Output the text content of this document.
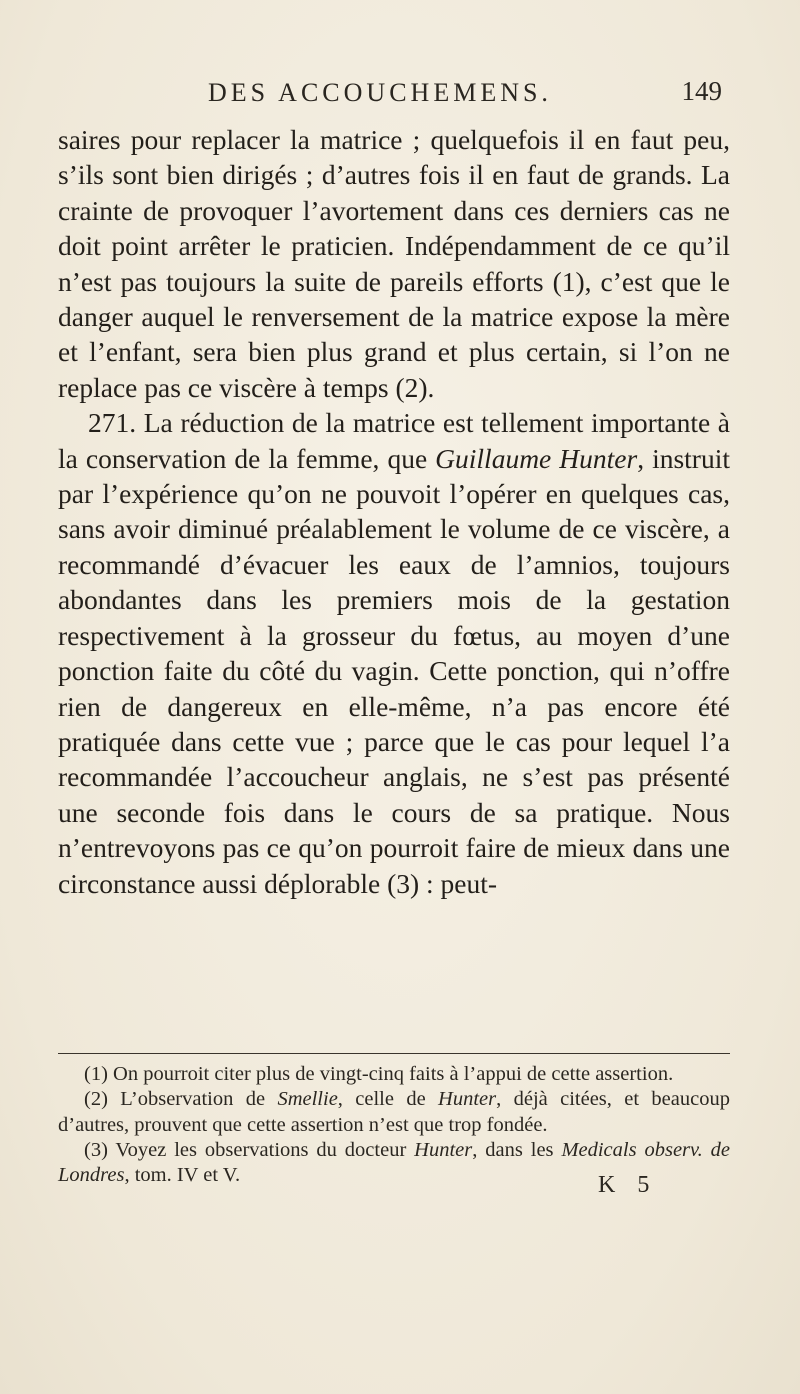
DES ACCOUCHEMENS.	149

saires pour replacer la matrice ; quelquefois il en faut peu, s’ils sont bien dirigés ; d’autres fois il en faut de grands. La crainte de provoquer l’avortement dans ces derniers cas ne doit point arrêter le praticien. Indépendamment de ce qu’il n’est pas toujours la suite de pareils efforts (1), c’est que le danger auquel le renversement de la matrice expose la mère et l’enfant, sera bien plus grand et plus certain, si l’on ne replace pas ce viscère à temps (2).

271. La réduction de la matrice est tellement importante à la conservation de la femme, que Guillaume Hunter, instruit par l’expérience qu’on ne pouvoit l’opérer en quelques cas, sans avoir diminué préalablement le volume de ce viscère, a recommandé d’évacuer les eaux de l’amnios, toujours abondantes dans les premiers mois de la gestation respectivement à la grosseur du fœtus, au moyen d’une ponction faite du côté du vagin. Cette ponction, qui n’offre rien de dangereux en elle-même, n’a pas encore été pratiquée dans cette vue ; parce que le cas pour lequel l’a recommandée l’accoucheur anglais, ne s’est pas présenté une seconde fois dans le cours de sa pratique. Nous n’entrevoyons pas ce qu’on pourroit faire de mieux dans une circonstance aussi déplorable (3) : peut-

(1) On pourroit citer plus de vingt-cinq faits à l’appui de cette assertion.

(2) L’observation de Smellie, celle de Hunter, déjà citées, et beaucoup d’autres, prouvent que cette assertion n’est que trop fondée.

(3) Voyez les observations du docteur Hunter, dans les Medicals observ. de Londres, tom. IV et V.	K 5
